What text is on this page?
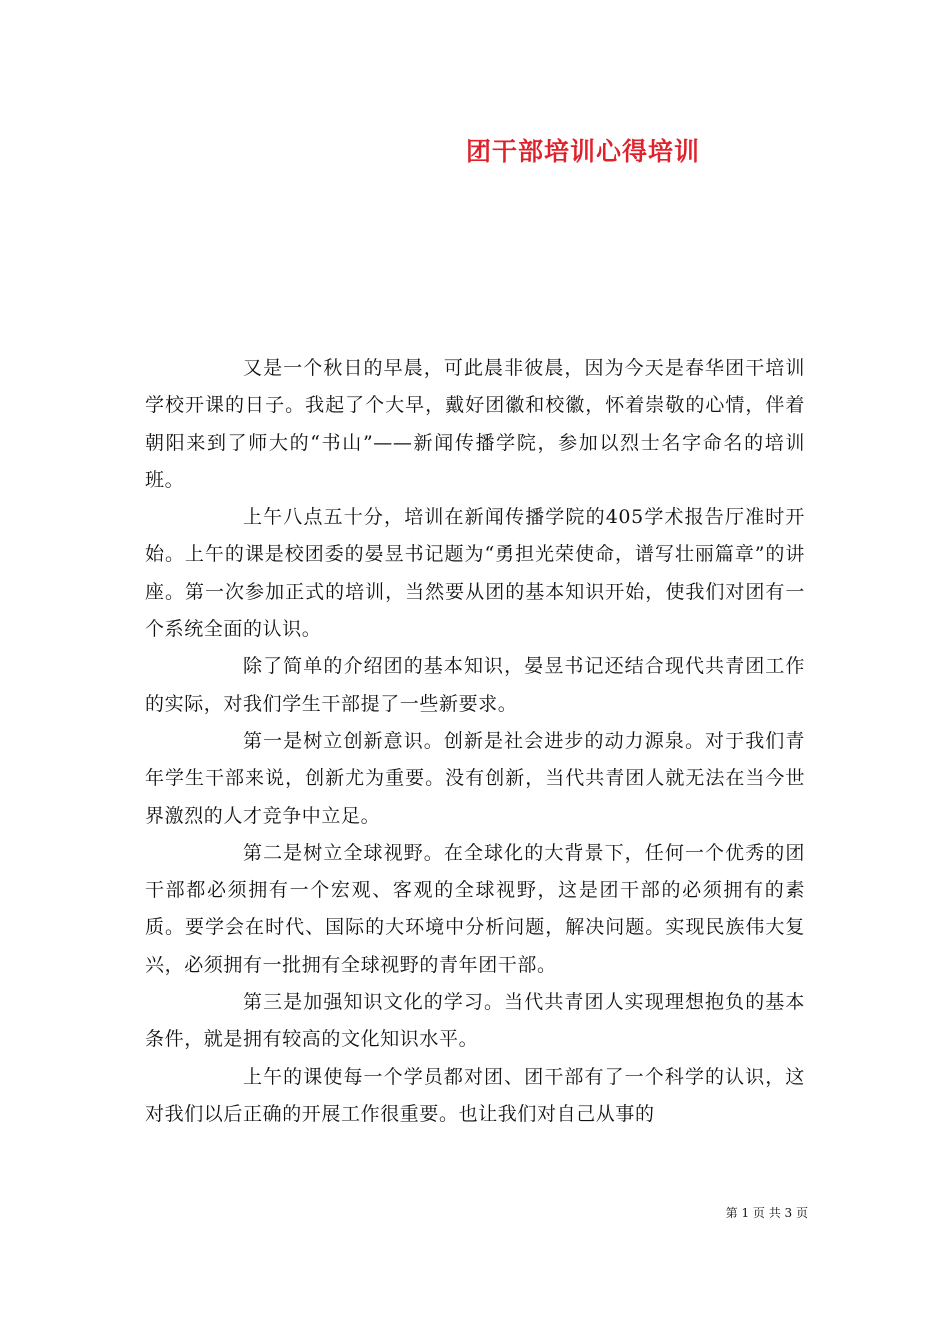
团干部培训心得培训

又是一个秋日的早晨，可此晨非彼晨，因为今天是春华团干培训学校开课的日子。我起了个大早，戴好团徽和校徽，怀着崇敬的心情，伴着朝阳来到了师大的“书山”——新闻传播学院，参加以烈士名字命名的培训班。

上午八点五十分，培训在新闻传播学院的405学术报告厅准时开始。上午的课是校团委的晏昱书记题为“勇担光荣使命，谱写壮丽篇章”的讲座。第一次参加正式的培训，当然要从团的基本知识开始，使我们对团有一个系统全面的认识。

除了简单的介绍团的基本知识，晏昱书记还结合现代共青团工作的实际，对我们学生干部提了一些新要求。

第一是树立创新意识。创新是社会进步的动力源泉。对于我们青年学生干部来说，创新尤为重要。没有创新，当代共青团人就无法在当今世界激烈的人才竞争中立足。

第二是树立全球视野。在全球化的大背景下，任何一个优秀的团干部都必须拥有一个宏观、客观的全球视野，这是团干部的必须拥有的素质。要学会在时代、国际的大环境中分析问题，解决问题。实现民族伟大复兴，必须拥有一批拥有全球视野的青年团干部。

第三是加强知识文化的学习。当代共青团人实现理想抱负的基本条件，就是拥有较高的文化知识水平。

上午的课使每一个学员都对团、团干部有了一个科学的认识，这对我们以后正确的开展工作很重要。也让我们对自己从事的

第 1 页 共 3 页
